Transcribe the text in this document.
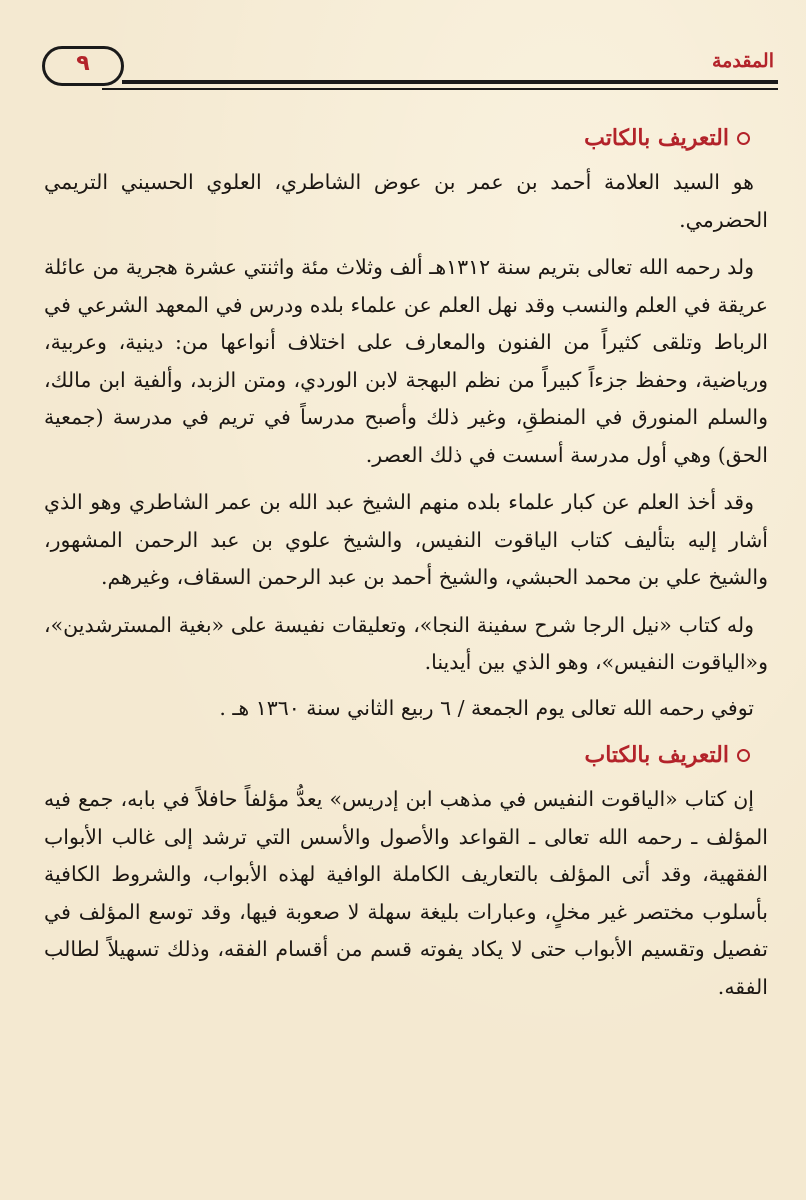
٩	المقدمة
التعريف بالكاتب

هو السيد العلامة أحمد بن عمر بن عوض الشاطري، العلوي الحسيني التريمي الحضرمي.

ولد رحمه الله تعالى بتريم سنة ١٣١٢هـ ألف وثلاث مئة واثنتي عشرة هجرية من عائلة عريقة في العلم والنسب وقد نهل العلم عن علماء بلده ودرس في المعهد الشرعي في الرباط وتلقى كثيراً من الفنون والمعارف على اختلاف أنواعها من: دينية، وعربية، ورياضية، وحفظ جزءاً كبيراً من نظم البهجة لابن الوردي، ومتن الزبد، وألفية ابن مالك، والسلم المنورق في المنطقِ، وغير ذلك وأصبح مدرساً في تريم في مدرسة (جمعية الحق) وهي أول مدرسة أسست في ذلك العصر.

وقد أخذ العلم عن كبار علماء بلده منهم الشيخ عبد الله بن عمر الشاطري وهو الذي أشار إليه بتأليف كتاب الياقوت النفيس، والشيخ علوي بن عبد الرحمن المشهور، والشيخ علي بن محمد الحبشي، والشيخ أحمد بن عبد الرحمن السقاف، وغيرهم.

وله كتاب «نيل الرجا شرح سفينة النجا»، وتعليقات نفيسة على «بغية المسترشدين»، و«الياقوت النفيس»، وهو الذي بين أيدينا.

توفي رحمه الله تعالى يوم الجمعة / ٦ ربيع الثاني سنة ١٣٦٠ هـ .

التعريف بالكتاب

إن كتاب «الياقوت النفيس في مذهب ابن إدريس» يعدُّ مؤلفاً حافلاً في بابه، جمع فيه المؤلف ـ رحمه الله تعالى ـ القواعد والأصول والأسس التي ترشد إلى غالب الأبواب الفقهية، وقد أتى المؤلف بالتعاريف الكاملة الوافية لهذه الأبواب، والشروط الكافية بأسلوب مختصر غير مخلٍ، وعبارات بليغة سهلة لا صعوبة فيها، وقد توسع المؤلف في تفصيل وتقسيم الأبواب حتى لا يكاد يفوته قسم من أقسام الفقه، وذلك تسهيلاً لطالب الفقه.
